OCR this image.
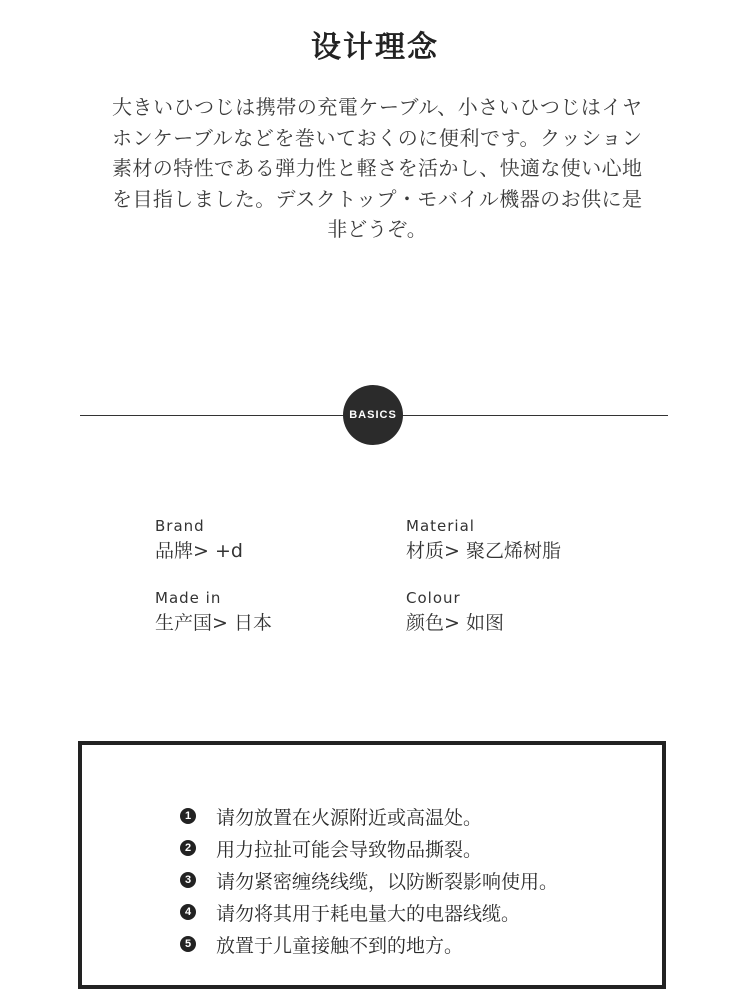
设计理念
大きいひつじは携帯の充電ケーブル、小さいひつじはイヤ
ホンケーブルなどを巻いておくのに便利です。クッション
素材の特性である弾力性と軽さを活かし、快適な使い心地
を目指しました。デスクトップ・モバイル機器のお供に是
非どうぞ。
BASICS
Brand
品牌> +d
Material
材质> 聚乙烯树脂
Made in
生产国> 日本
Colour
颜色> 如图
1 请勿放置在火源附近或高温处。
2 用力拉扯可能会导致物品撕裂。
3 请勿紧密缠绕线缆，以防断裂影响使用。
4 请勿将其用于耗电量大的电器线缆。
5 放置于儿童接触不到的地方。
